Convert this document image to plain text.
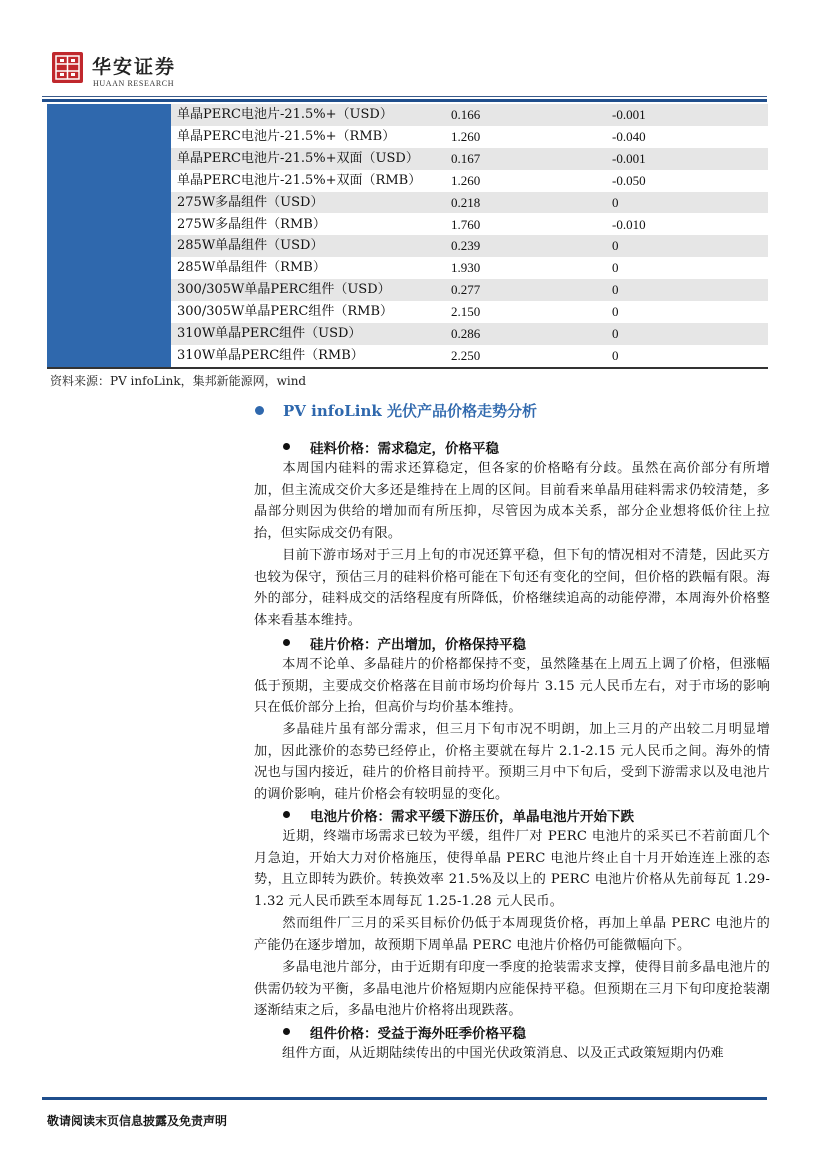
华安证券
HUAAN RESEARCH
单晶PERC电池片-21.5%+（USD）	0.166	-0.001
单晶PERC电池片-21.5%+（RMB）	1.260	-0.040
单晶PERC电池片-21.5%+双面（USD） 0.167	-0.001
单晶PERC电池片-21.5%+双面（RMB） 1.260	-0.050
275W多晶组件（USD）	0.218	0
275W多晶组件（RMB）	1.760	-0.010
285W单晶组件（USD）	0.239	0
285W单晶组件（RMB）	1.930	0
300/305W单晶PERC组件（USD）	0.277	0
300/305W单晶PERC组件（RMB）	2.150	0
310W单晶PERC组件（USD）	0.286	0
310W单晶PERC组件（RMB）	2.250	0
资料来源：PV infoLink，集邦新能源网，wind
PV infoLink 光伏产品价格走势分析
硅料价格：需求稳定，价格平稳
本周国内硅料的需求还算稳定，但各家的价格略有分歧。虽然在高价部分有所增加，但主流成交价大多还是维持在上周的区间。目前看来单晶用硅料需求仍较清楚，多晶部分则因为供给的增加而有所压抑，尽管因为成本关系，部分企业想将低价往上拉抬，但实际成交仍有限。
目前下游市场对于三月上旬的市况还算平稳，但下旬的情况相对不清楚，因此买方也较为保守，预估三月的硅料价格可能在下旬还有变化的空间，但价格的跌幅有限。海外的部分，硅料成交的活络程度有所降低，价格继续追高的动能停滞，本周海外价格整体来看基本维持。
硅片价格：产出增加，价格保持平稳
本周不论单、多晶硅片的价格都保持不变，虽然隆基在上周五上调了价格，但涨幅低于预期，主要成交价格落在目前市场均价每片 3.15 元人民币左右，对于市场的影响只在低价部分上抬，但高价与均价基本维持。
多晶硅片虽有部分需求，但三月下旬市况不明朗，加上三月的产出较二月明显增加，因此涨价的态势已经停止，价格主要就在每片 2.1-2.15 元人民币之间。海外的情况也与国内接近，硅片的价格目前持平。预期三月中下旬后，受到下游需求以及电池片的调价影响，硅片价格会有较明显的变化。
电池片价格：需求平缓下游压价，单晶电池片开始下跌
近期，终端市场需求已较为平缓，组件厂对 PERC 电池片的采买已不若前面几个月急迫，开始大力对价格施压，使得单晶 PERC 电池片终止自十月开始连连上涨的态势，且立即转为跌价。转换效率 21.5%及以上的 PERC 电池片价格从先前每瓦 1.29-1.32 元人民币跌至本周每瓦 1.25-1.28 元人民币。
然而组件厂三月的采买目标价仍低于本周现货价格，再加上单晶 PERC 电池片的产能仍在逐步增加，故预期下周单晶 PERC 电池片价格仍可能微幅向下。
多晶电池片部分，由于近期有印度一季度的抢装需求支撑，使得目前多晶电池片的供需仍较为平衡，多晶电池片价格短期内应能保持平稳。但预期在三月下旬印度抢装潮逐渐结束之后，多晶电池片价格将出现跌落。
组件价格：受益于海外旺季价格平稳
组件方面，从近期陆续传出的中国光伏政策消息、以及正式政策短期内仍难
敬请阅读末页信息披露及免责声明
